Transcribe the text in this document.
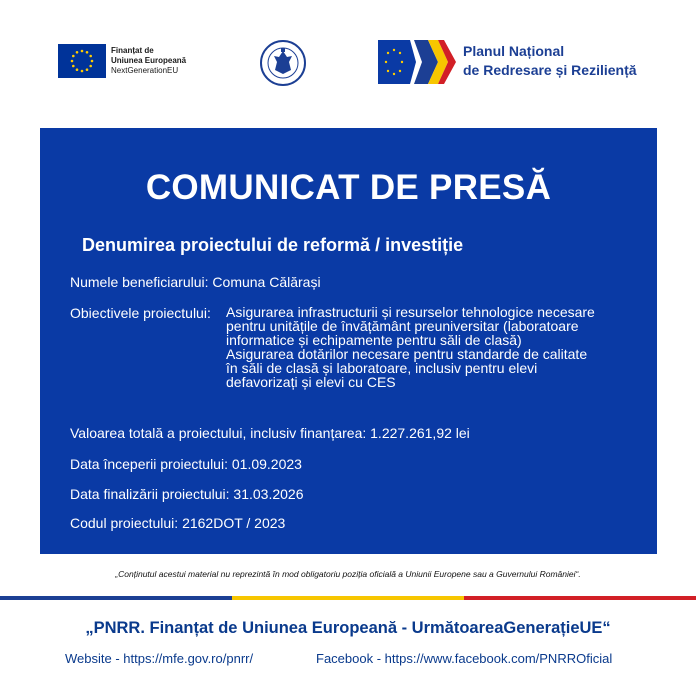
Finanțat de
Uniunea Europeană
NextGenerationEU
Planul Național
de Redresare și Reziliență
COMUNICAT DE PRESĂ
Denumirea proiectului de reformă / investiție
Numele beneficiarului: Comuna Călărași
Obiectivele proiectului: Asigurarea infrastructurii și resurselor tehnologice necesare
pentru unitățile de învățământ preuniversitar (laboratoare
informatice și echipamente pentru săli de clasă)
Asigurarea dotărilor necesare pentru standarde de calitate
în săli de clasă și laboratoare, inclusiv pentru elevi
defavorizați și elevi cu CES
Valoarea totală a proiectului, inclusiv finanțarea: 1.227.261,92 lei
Data începerii proiectului: 01.09.2023
Data finalizării proiectului: 31.03.2026
Codul proiectului: 2162DOT / 2023
„Conținutul acestui material nu reprezintă în mod obligatoriu poziția oficială a Uniunii Europene sau a Guvernului României“.
„PNRR. Finanțat de Uniunea Europeană - UrmătoareaGenerațieUE“
Website - https://mfe.gov.ro/pnrr/	Facebook - https://www.facebook.com/PNRROficial
